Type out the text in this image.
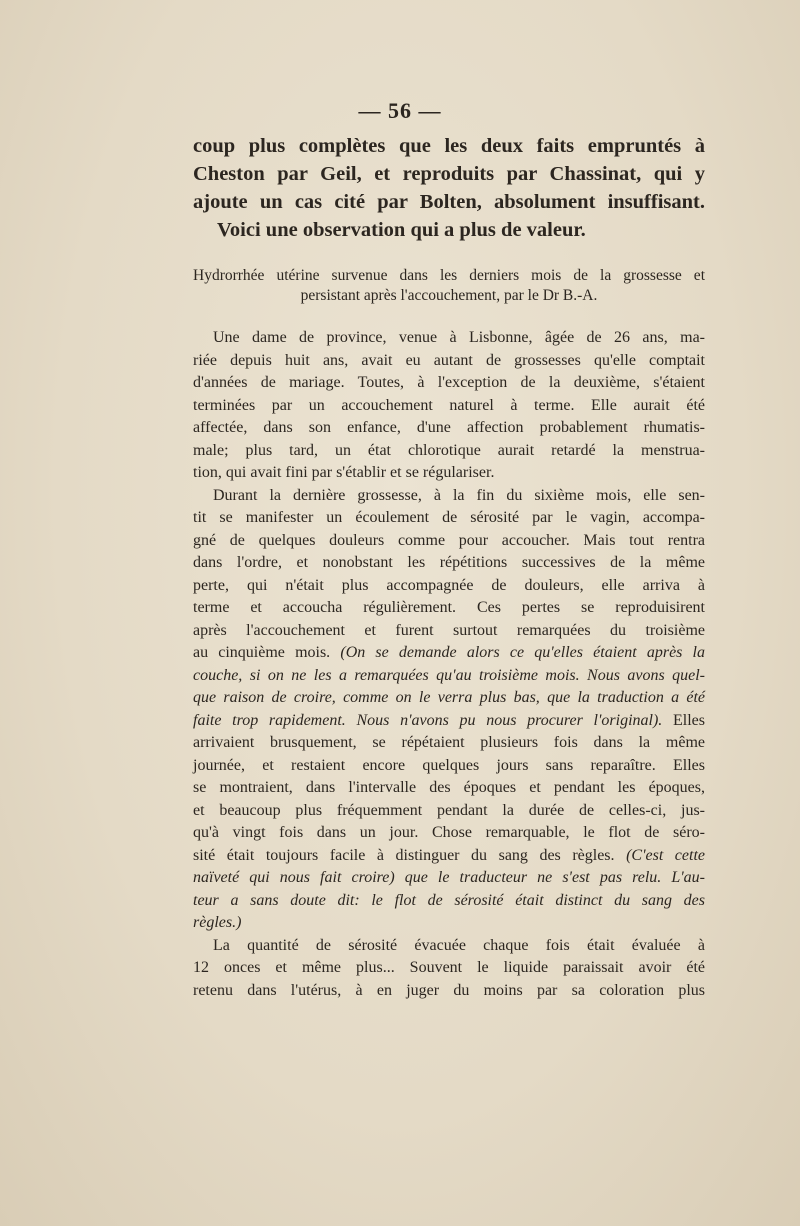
— 56 —
coup plus complètes que les deux faits empruntés à
Cheston par Geil, et reproduits par Chassinat, qui y
ajoute un cas cité par Bolten, absolument insuffisant.
Voici une observation qui a plus de valeur.
Hydrorrhée utérine survenue dans les derniers mois de la grossesse et
persistant après l'accouchement, par le Dr B.-A.
Une dame de province, venue à Lisbonne, âgée de 26 ans, ma-
riée depuis huit ans, avait eu autant de grossesses qu'elle comptait
d'années de mariage. Toutes, à l'exception de la deuxième, s'étaient
terminées par un accouchement naturel à terme. Elle aurait été
affectée, dans son enfance, d'une affection probablement rhumatis-
male; plus tard, un état chlorotique aurait retardé la menstrua-
tion, qui avait fini par s'établir et se régulariser.
Durant la dernière grossesse, à la fin du sixième mois, elle sen-
tit se manifester un écoulement de sérosité par le vagin, accompa-
gné de quelques douleurs comme pour accoucher. Mais tout rentra
dans l'ordre, et nonobstant les répétitions successives de la même
perte, qui n'était plus accompagnée de douleurs, elle arriva à
terme et accoucha régulièrement. Ces pertes se reproduisirent
après l'accouchement et furent surtout remarquées du troisième
au cinquième mois. (On se demande alors ce qu'elles étaient après la
couche, si on ne les a remarquées qu'au troisième mois. Nous avons quel-
que raison de croire, comme on le verra plus bas, que la traduction a été
faite trop rapidement. Nous n'avons pu nous procurer l'original). Elles
arrivaient brusquement, se répétaient plusieurs fois dans la même
journée, et restaient encore quelques jours sans reparaître. Elles
se montraient, dans l'intervalle des époques et pendant les époques,
et beaucoup plus fréquemment pendant la durée de celles-ci, jus-
qu'à vingt fois dans un jour. Chose remarquable, le flot de séro-
sité était toujours facile à distinguer du sang des règles. (C'est cette
naïveté qui nous fait croire) que le traducteur ne s'est pas relu. L'au-
teur a sans doute dit: le flot de sérosité était distinct du sang des
règles.)
La quantité de sérosité évacuée chaque fois était évaluée à
12 onces et même plus... Souvent le liquide paraissait avoir été
retenu dans l'utérus, à en juger du moins par sa coloration plus
